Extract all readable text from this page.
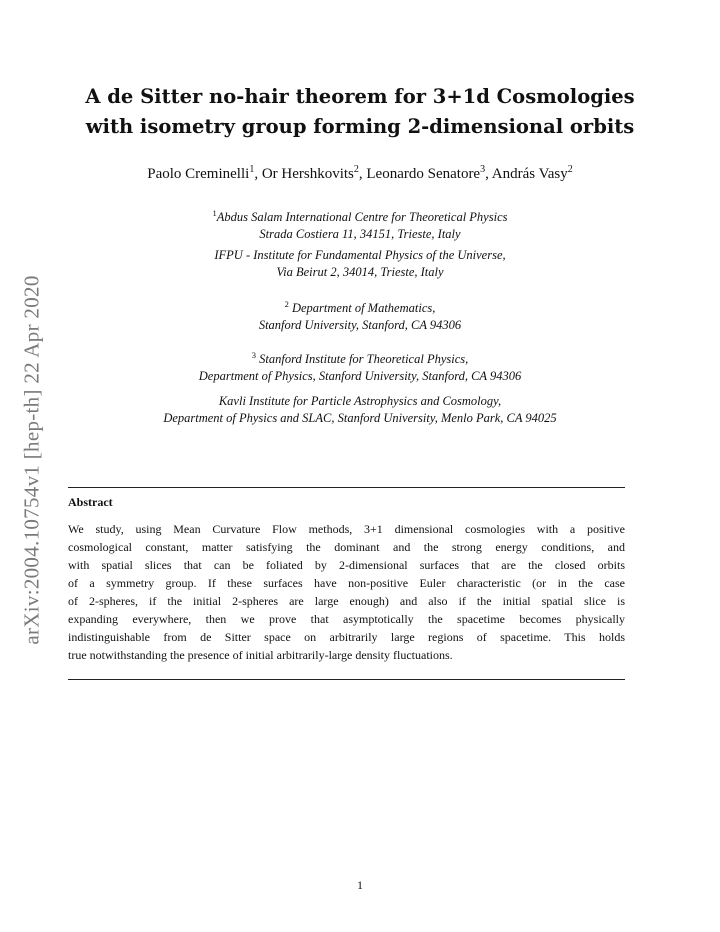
arXiv:2004.10754v1 [hep-th] 22 Apr 2020
A de Sitter no-hair theorem for 3+1d Cosmologies
with isometry group forming 2-dimensional orbits
Paolo Creminelli$^1$, Or Hershkovits$^2$, Leonardo Senatore$^3$, András Vasy$^2$
$^1$Abdus Salam International Centre for Theoretical Physics
Strada Costiera 11, 34151, Trieste, Italy
IFPU - Institute for Fundamental Physics of the Universe,
Via Beirut 2, 34014, Trieste, Italy
$^2$ Department of Mathematics,
Stanford University, Stanford, CA 94306
$^3$ Stanford Institute for Theoretical Physics,
Department of Physics, Stanford University, Stanford, CA 94306
Kavli Institute for Particle Astrophysics and Cosmology,
Department of Physics and SLAC, Stanford University, Menlo Park, CA 94025
Abstract
We study, using Mean Curvature Flow methods, 3+1 dimensional cosmologies with a positive
cosmological constant, matter satisfying the dominant and the strong energy conditions, and
with spatial slices that can be foliated by 2-dimensional surfaces that are the closed orbits
of a symmetry group. If these surfaces have non-positive Euler characteristic (or in the case
of 2-spheres, if the initial 2-spheres are large enough) and also if the initial spatial slice is
expanding everywhere, then we prove that asymptotically the spacetime becomes physically
indistinguishable from de Sitter space on arbitrarily large regions of spacetime. This holds
true notwithstanding the presence of initial arbitrarily-large density fluctuations.
1
